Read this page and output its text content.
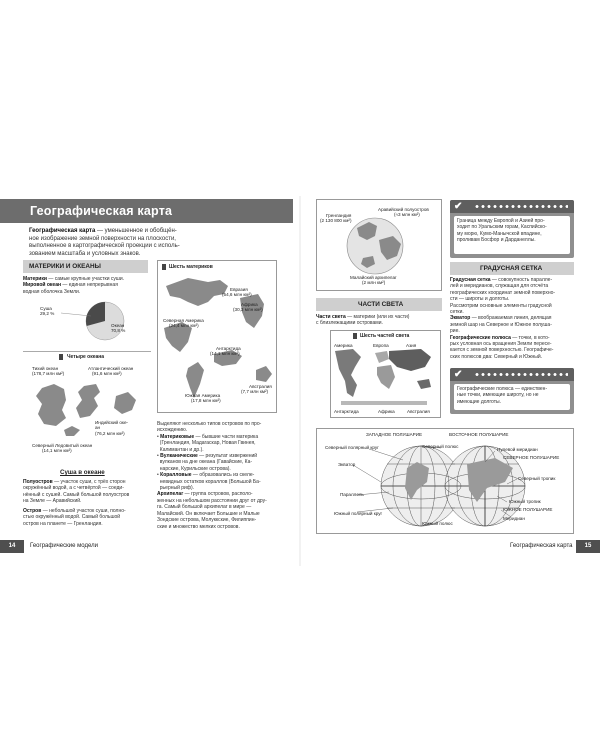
Географическая карта
Географическая карта — уменьшенное и обобщён-
ное изображение земной поверхности на плоскости,
выполненное в картографической проекции с исполь-
зованием масштаба и условных знаков.
МАТЕРИКИ И ОКЕАНЫ
Материки — самые крупные участки суши.
Мировой океан — единая непрерывная
водная оболочка Земли.
Суша
29,2 %
Океан
70,8 %
Четыре океана
Тихий океан
(178,7 млн км²)
Атлантический океан
(91,6 млн км²)
Индийский оке-
ан
(76,2 млн км²)
Северный Ледовитый океан
(14,1 млн км²)
Суша в океане
Полуостров — участок суши, с трёх сторон
окружённый водой, а с четвёртой — соеди-
нённый с сушей. Самый большой полуостров
на Земле — Аравийский.
Остров — небольшой участок суши, полно-
стью окружённый водой. Самый большой
остров на планете — Гренландия.
Шесть материков
Евразия
(54,6 млн км²)
Африка
(30,3 млн км²)
Северная Америка
(24,4 млн км²)
Антарктида
(14,1 млн км²)
Австралия
(7,7 млн км²)
Южная Америка
(17,8 млн км²)
Выделяют несколько типов островов по про-
исхождению.
• Материковые — бывшие части материка
(Гренландия, Мадагаскар, Новая Гвинея,
Калимантан и др.).
• Вулканические — результат извержений
вулканов на дне океана (Гавайские, Ка-
нарские, Курильские острова).
• Коралловые — образовались из скеле-
невидных остатков кораллов (Большой Ба-
рьерный риф).
Архипелаг — группа островов, располо-
женных на небольшом расстоянии друг от дру-
га. Самый большой архипелаг в мире —
Малайский. Он включает Большие и Малые
Зондские острова, Молуккские, Филиппин-
ские и множество мелких островов.
14	Географические модели
Гренландия
(2 130 800 км²)
Аравийский полуостров
(≈3 млн км²)
Малайский архипелаг
(2 млн км²)
✔
Граница между Европой и Азией про-
ходит по Уральским горам, Каспийско-
му морю, Кумо-Манычской впадине,
проливам Босфор и Дарданеллы.
ЧАСТИ СВЕТА
Части света — материки (или их части)
с близлежащими островами.
Шесть частей света
Америка	Европа	Азия
Антарктида	Африка	Австралия
ГРАДУСНАЯ СЕТКА
Градусная сетка — совокупность паралле-
лей и меридианов, служащая для отсчёта
географических координат земной поверхно-
сти — широты и долготы.
Рассмотрим основные элементы градусной
сетки.
Экватор — воображаемая линия, делящая
земной шар на Северное и Южное полуша-
рие.
Географические полюса — точки, в кото-
рых условная ось вращения Земли пересе-
кается с земной поверхностью. Географиче-
ских полюсов два: Северный и Южный.
✔
Географические полюса — единствен-
ные точки, имеющие широту, но не
имеющие долготы.
ЗАПАДНОЕ ПОЛУШАРИЕ	ВОСТОЧНОЕ ПОЛУШАРИЕ
Северный полярный круг	Северный полюс
Экватор
Параллель
Южный полярный круг
Южный полюс
Нулевой меридиан
СЕВЕРНОЕ ПОЛУШАРИЕ
Северный тропик
Южный тропик
ЮЖНОЕ ПОЛУШАРИЕ
Меридиан
Географическая карта	15
